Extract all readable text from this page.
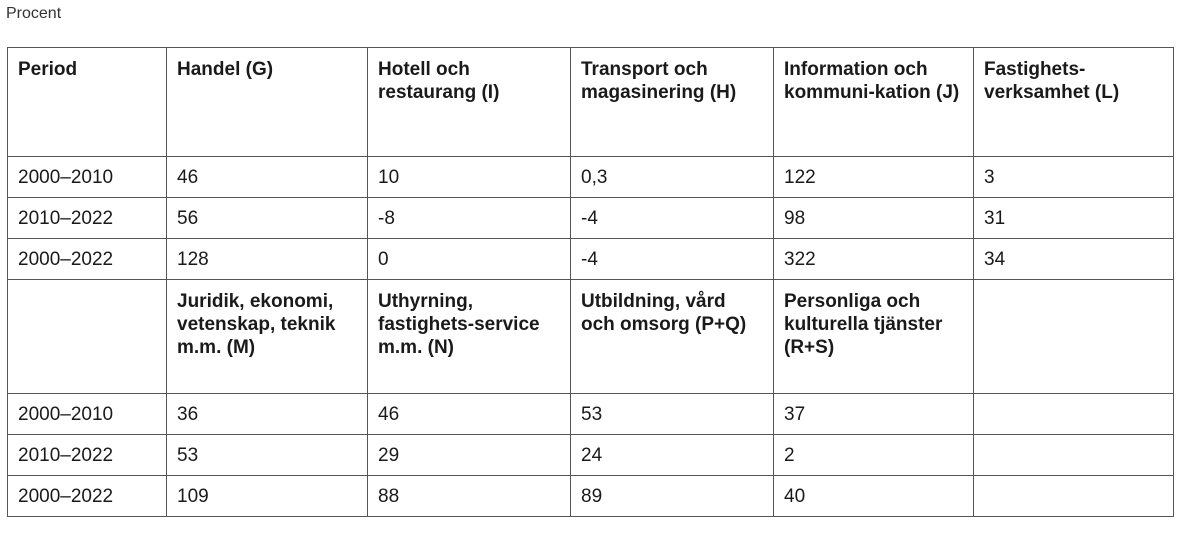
Procent
Period	Handel (G)	Hotell och restaurang (I)	Transport och magasinering (H)	Information och kommuni-kation (J)	Fastighets-verksamhet (L)
2000–2010	46	10	0,3	122	3
2010–2022	56	-8	-4	98	31
2000–2022	128	0	-4	322	34
	Juridik, ekonomi, vetenskap, teknik m.m. (M)	Uthyrning, fastighets-service m.m. (N)	Utbildning, vård och omsorg (P+Q)	Personliga och kulturella tjänster (R+S)	
2000–2010	36	46	53	37	
2010–2022	53	29	24	2	
2000–2022	109	88	89	40	
